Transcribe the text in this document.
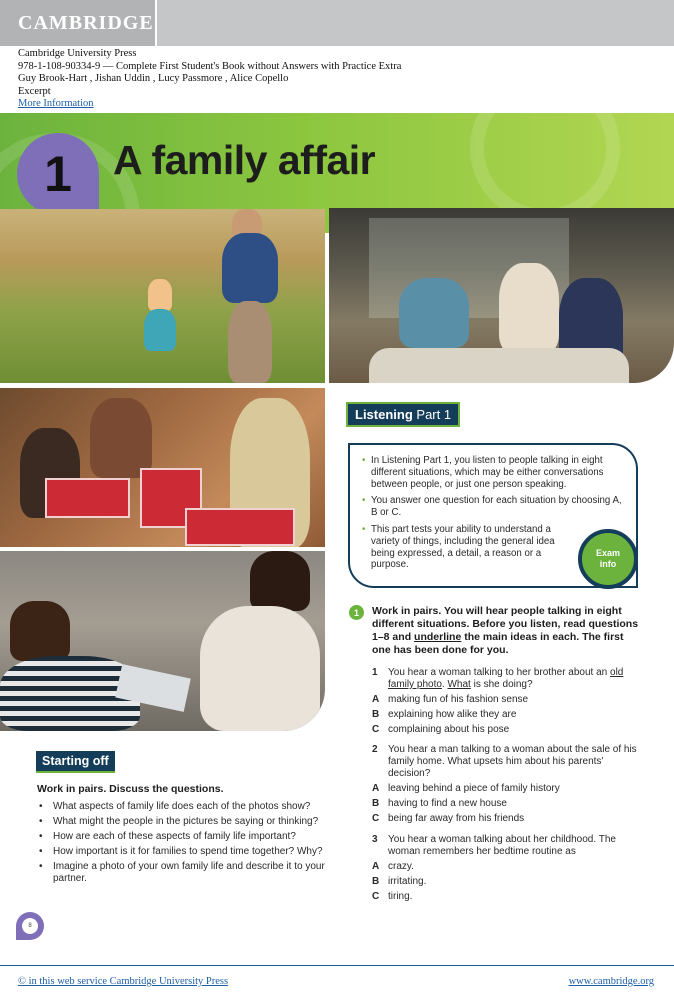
CAMBRIDGE
Cambridge University Press
978-1-108-90334-9 — Complete First Student's Book without Answers with Practice Extra
Guy Brook-Hart , Jishan Uddin , Lucy Passmore , Alice Copello
Excerpt
More Information
1 A family affair
Listening Part 1
• In Listening Part 1, you listen to people talking in eight different situations, which may be either conversations between people, or just one person speaking.
• You answer one question for each situation by choosing A, B or C.
• This part tests your ability to understand a variety of things, including the general idea being expressed, a detail, a reason or a purpose.
Exam
info
1	Work in pairs. You will hear people talking in eight different situations. Before you listen, read questions 1–8 and underline the main ideas in each. The first one has been done for you.
1 You hear a woman talking to her brother about an old family photo. What is she doing?
A making fun of his fashion sense
B explaining how alike they are
C complaining about his pose
2 You hear a man talking to a woman about the sale of his family home. What upsets him about his parents' decision?
A leaving behind a piece of family history
B having to find a new house
C being far away from his friends
3 You hear a woman talking about her childhood. The woman remembers her bedtime routine as
A crazy.
B irritating.
C tiring.
Starting off
Work in pairs. Discuss the questions.
• What aspects of family life does each of the photos show?
• What might the people in the pictures be saying or thinking?
• How are each of these aspects of family life important?
• How important is it for families to spend time together? Why?
• Imagine a photo of your own family life and describe it to your partner.
8
© in this web service Cambridge University Press	www.cambridge.org
